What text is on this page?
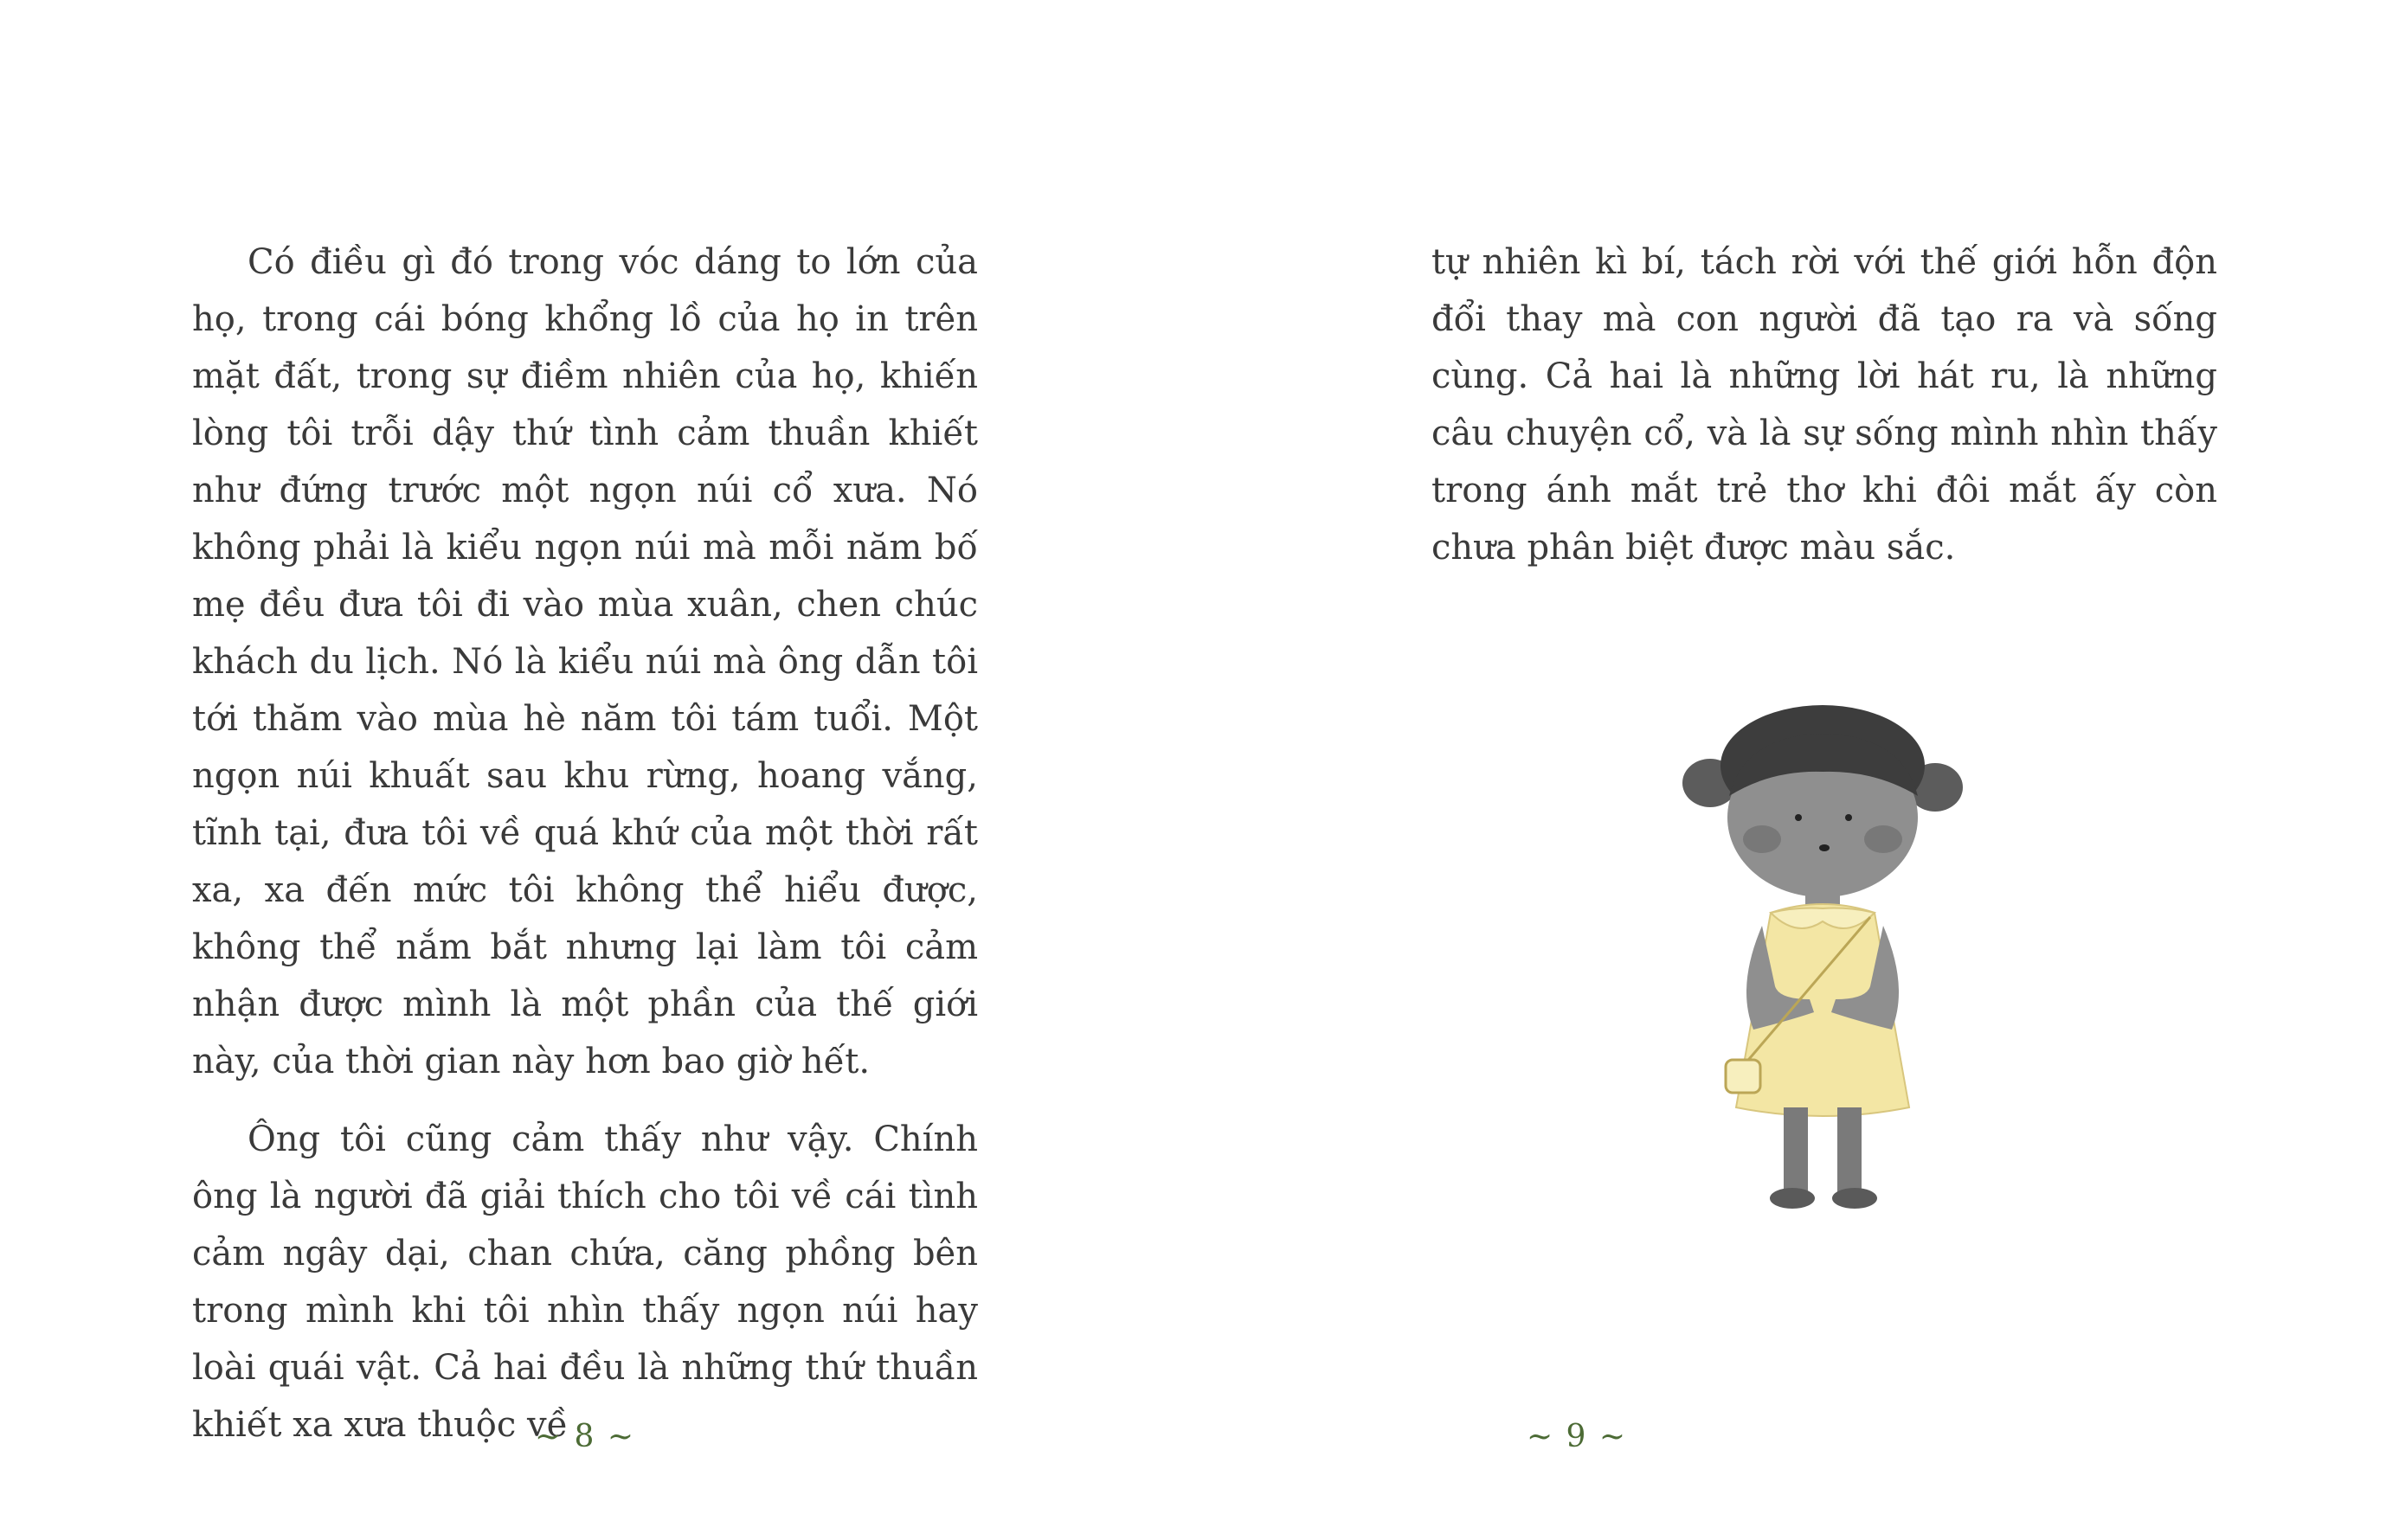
Có điều gì đó trong vóc dáng to lớn của họ, trong cái bóng khổng lồ của họ in trên mặt đất, trong sự điềm nhiên của họ, khiến lòng tôi trỗi dậy thứ tình cảm thuần khiết như đứng trước một ngọn núi cổ xưa. Nó không phải là kiểu ngọn núi mà mỗi năm bố mẹ đều đưa tôi đi vào mùa xuân, chen chúc khách du lịch. Nó là kiểu núi mà ông dẫn tôi tới thăm vào mùa hè năm tôi tám tuổi. Một ngọn núi khuất sau khu rừng, hoang vắng, tĩnh tại, đưa tôi về quá khứ của một thời rất xa, xa đến mức tôi không thể hiểu được, không thể nắm bắt nhưng lại làm tôi cảm nhận được mình là một phần của thế giới này, của thời gian này hơn bao giờ hết.

Ông tôi cũng cảm thấy như vậy. Chính ông là người đã giải thích cho tôi về cái tình cảm ngây dại, chan chứa, căng phồng bên trong mình khi tôi nhìn thấy ngọn núi hay loài quái vật. Cả hai đều là những thứ thuần khiết xa xưa thuộc về

~ 8 ~

tự nhiên kì bí, tách rời với thế giới hỗn độn đổi thay mà con người đã tạo ra và sống cùng. Cả hai là những lời hát ru, là những câu chuyện cổ, và là sự sống mình nhìn thấy trong ánh mắt trẻ thơ khi đôi mắt ấy còn chưa phân biệt được màu sắc.

~ 9 ~
